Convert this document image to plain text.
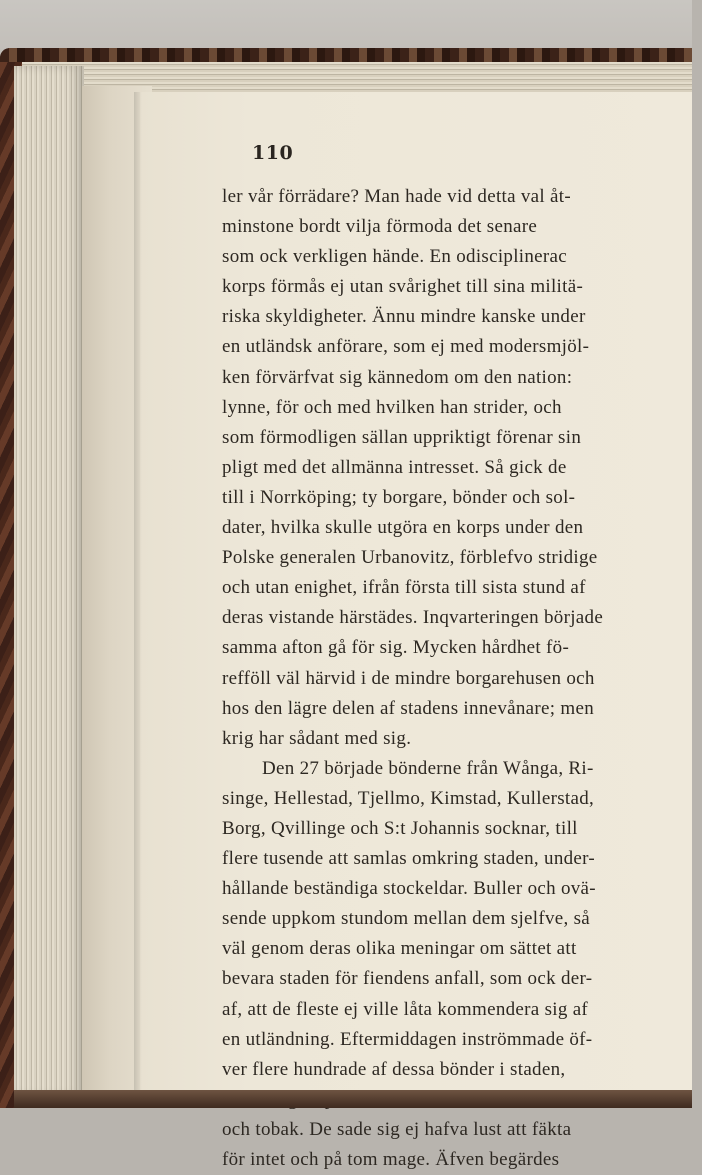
110
ler vår förrädare? Man hade vid detta val åt-
minstone bordt vilja förmoda det senare
som ock verkligen hände. En odisciplinerac
korps förmås ej utan svårighet till sina militä-
riska skyldigheter. Ännu mindre kanske under
en utländsk anförare, som ej med modersmjöl-
ken förvärfvat sig kännedom om den nation:
lynne, för och med hvilken han strider, och
som förmodligen sällan uppriktigt förenar sin
pligt med det allmänna intresset. Så gick de
till i Norrköping; ty borgare, bönder och sol-
dater, hvilka skulle utgöra en korps under den
Polske generalen Urbanovitz, förblefvo stridige
och utan enighet, ifrån första till sista stund af
deras vistande härstädes. Inqvarteringen började
samma afton gå för sig. Mycken hårdhet fö-
refföll väl härvid i de mindre borgarehusen och
hos den lägre delen af stadens innevånare; men
krig har sådant med sig.
Den 27 började bönderne från Wånga, Ri-
singe, Hellestad, Tjellmo, Kimstad, Kullerstad,
Borg, Qvillinge och S:t Johannis socknar, till
flere tusende att samlas omkring staden, under-
hållande beständiga stockeldar. Buller och ovä-
sende uppkom stundom mellan dem sjelfve, så
väl genom deras olika meningar om sättet att
bevara staden för fiendens anfall, som ock der-
af, att de fleste ej ville låta kommendera sig af
en utländning. Eftermiddagen inströmmade öf-
ver flere hundrade af dessa bönder i staden,
och tobak. De sade sig ej hafva lust att fäkta
för intet och på tom mage. Äfven begärdes
